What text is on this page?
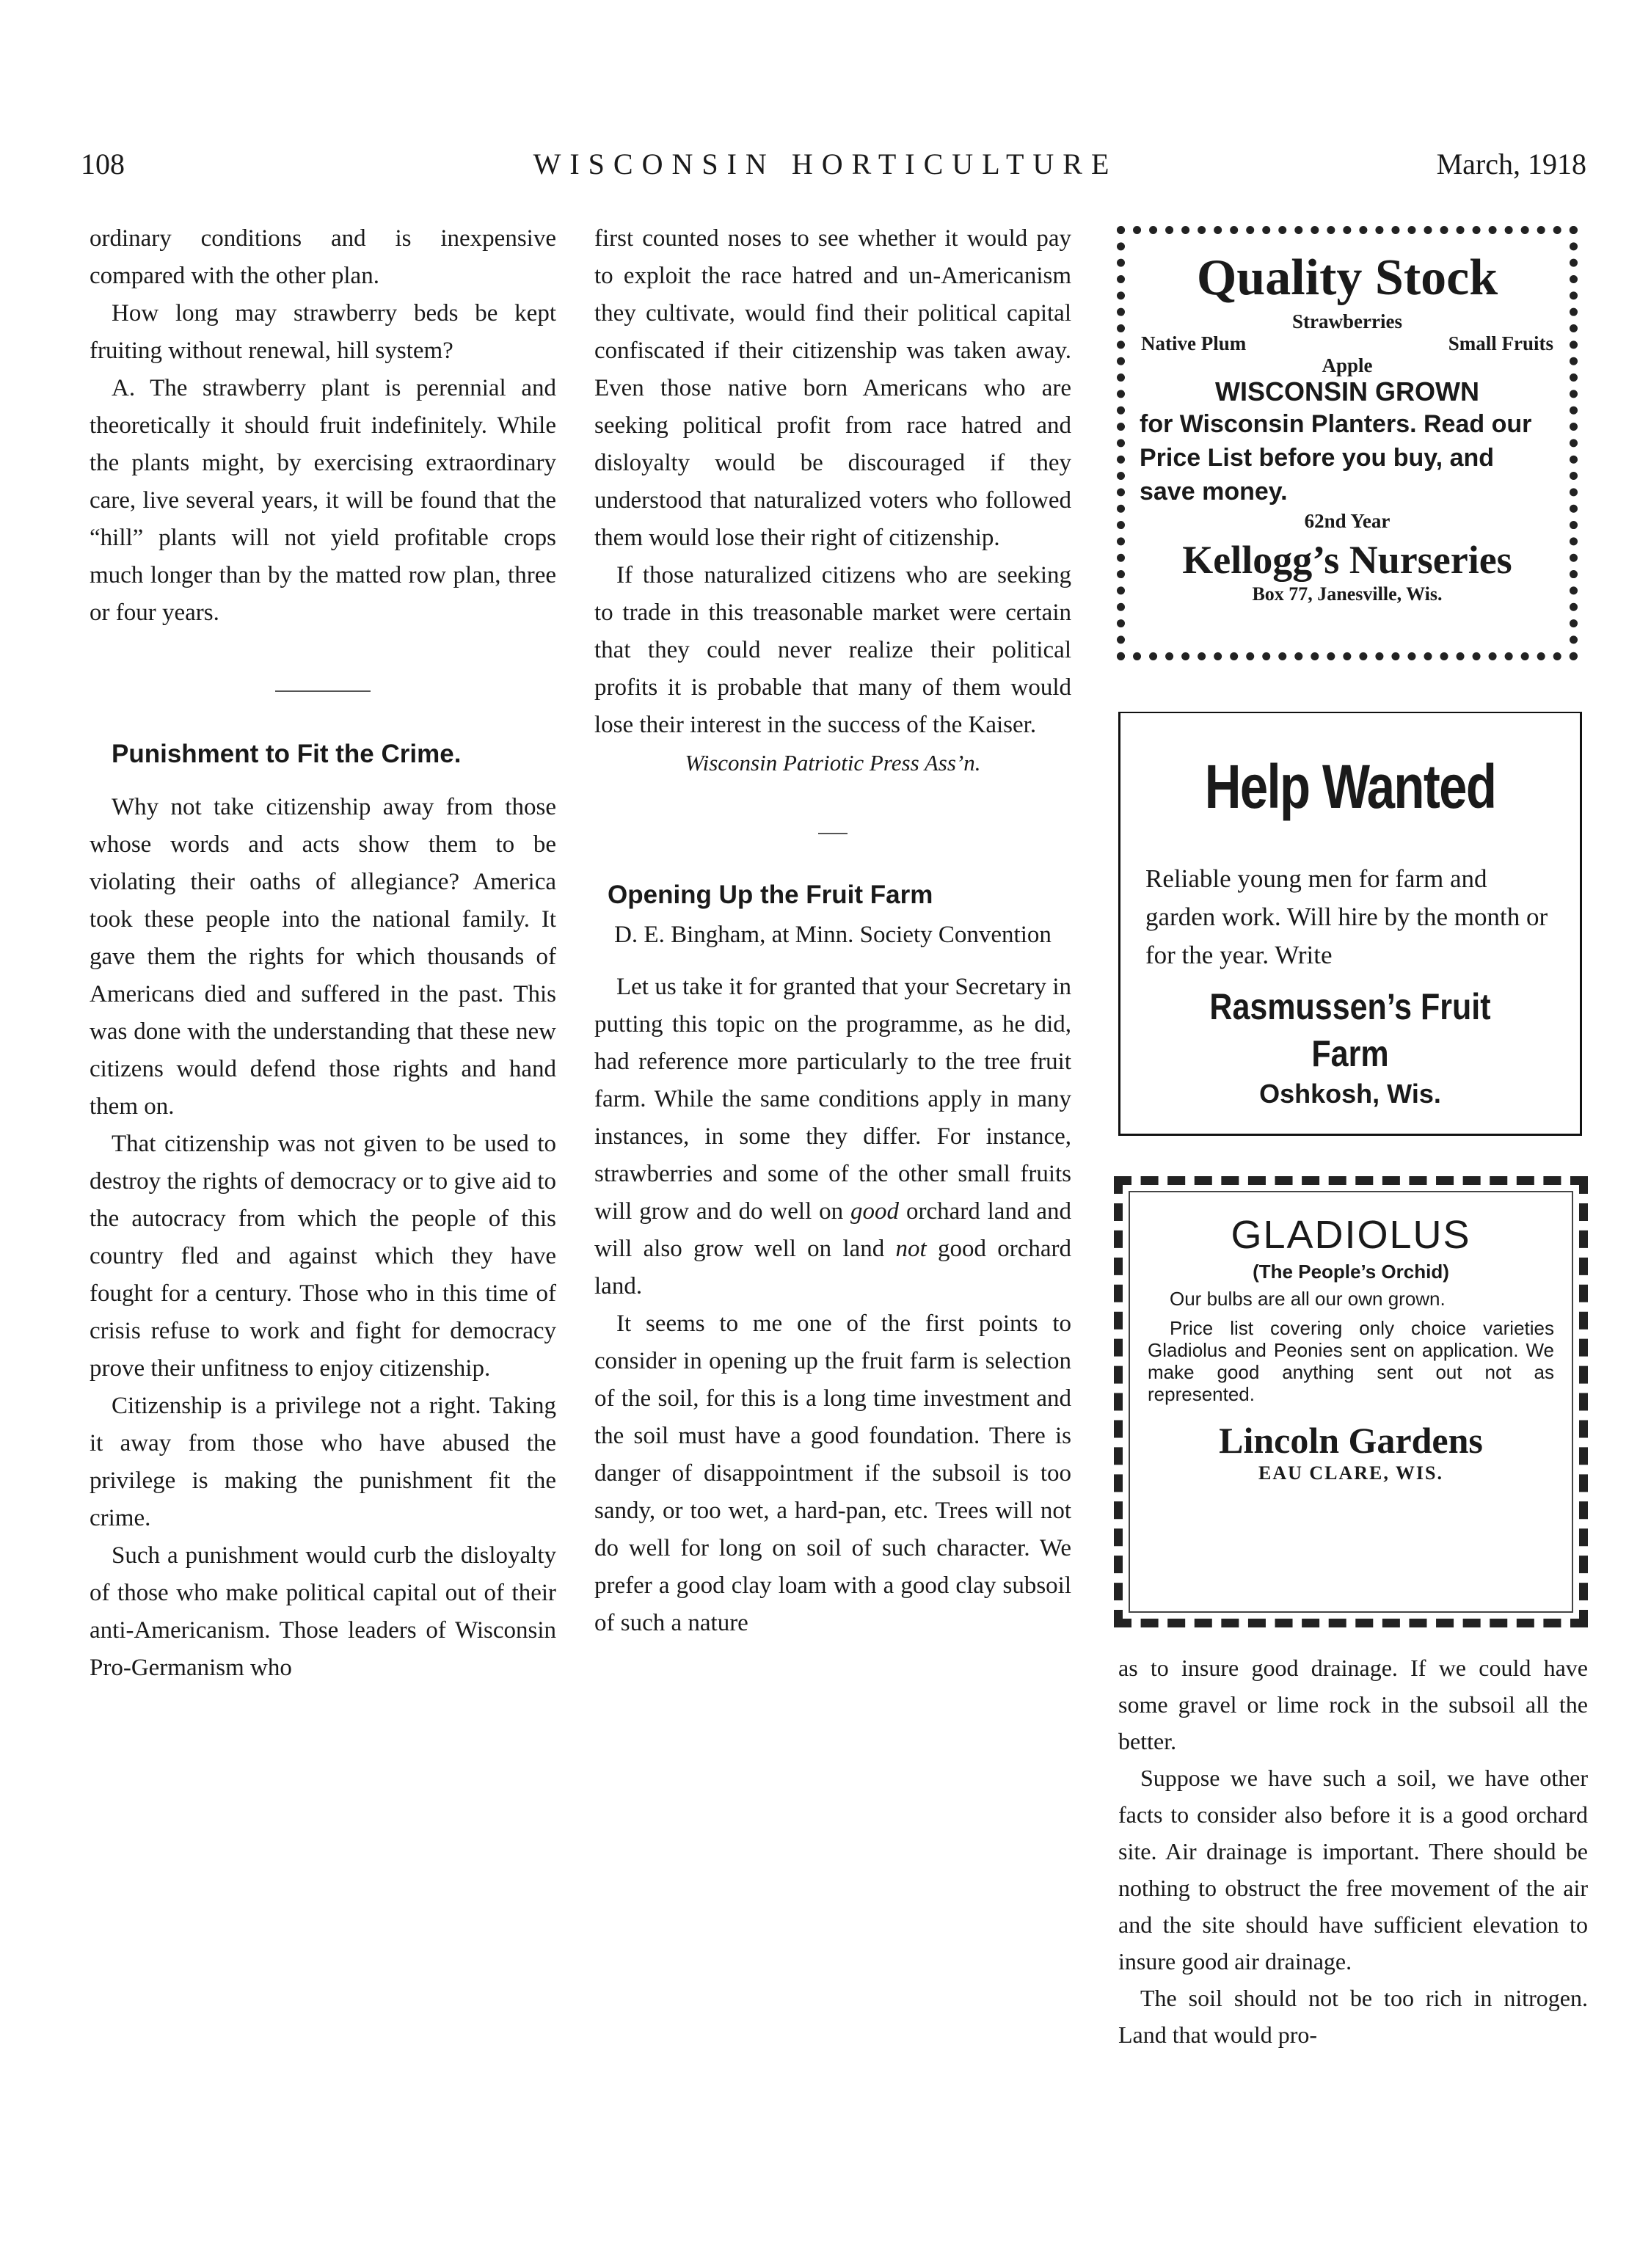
108	WISCONSIN HORTICULTURE	March, 1918

ordinary conditions and is inexpensive compared with the other plan.

How long may strawberry beds be kept fruiting without renewal, hill system?

A. The strawberry plant is perennial and theoretically it should fruit indefinitely. While the plants might, by exercising extraordinary care, live several years, it will be found that the “hill” plants will not yield profitable crops much longer than by the matted row plan, three or four years.

Punishment to Fit the Crime.

Why not take citizenship away from those whose words and acts show them to be violating their oaths of allegiance? America took these people into the national family. It gave them the rights for which thousands of Americans died and suffered in the past. This was done with the understanding that these new citizens would defend those rights and hand them on.

That citizenship was not given to be used to destroy the rights of democracy or to give aid to the autocracy from which the people of this country fled and against which they have fought for a century. Those who in this time of crisis refuse to work and fight for democracy prove their unfitness to enjoy citizenship.

Citizenship is a privilege not a right. Taking it away from those who have abused the privilege is making the punishment fit the crime.

Such a punishment would curb the disloyalty of those who make political capital out of their anti-Americanism. Those leaders of Wisconsin Pro-Germanism who

first counted noses to see whether it would pay to exploit the race hatred and un-Americanism they cultivate, would find their political capital confiscated if their citizenship was taken away. Even those native born Americans who are seeking political profit from race hatred and disloyalty would be discouraged if they understood that naturalized voters who followed them would lose their right of citizenship.

If those naturalized citizens who are seeking to trade in this treasonable market were certain that they could never realize their political profits it is probable that many of them would lose their interest in the success of the Kaiser.

Wisconsin Patriotic Press Ass’n.
Opening Up the Fruit Farm
D. E. Bingham, at Minn. Society Convention

Let us take it for granted that your Secretary in putting this topic on the programme, as he did, had reference more particularly to the tree fruit farm. While the same conditions apply in many instances, in some they differ. For instance, strawberries and some of the other small fruits will grow and do well on good orchard land and will also grow well on land not good orchard land.

It seems to me one of the first points to consider in opening up the fruit farm is selection of the soil, for this is a long time investment and the soil must have a good foundation. There is danger of disappointment if the subsoil is too sandy, or too wet, a hard-pan, etc. Trees will not do well for long on soil of such character. We prefer a good clay loam with a good clay subsoil of such a nature

Quality Stock
Strawberries
Native Plum	Small Fruits
Apple
WISCONSIN GROWN
for Wisconsin Planters. Read our Price List before you buy, and save money.
62nd Year
Kellogg’s Nurseries
Box 77, Janesville, Wis.
Help Wanted
Reliable young men for farm and garden work. Will hire by the month or for the year. Write
Rasmussen’s Fruit Farm
Oshkosh, Wis.
GLADIOLUS
(The People’s Orchid)
Our bulbs are all our own grown.
Price list covering only choice varieties Gladiolus and Peonies sent on application. We make good anything sent out not as represented.
Lincoln Gardens
EAU CLARE, WIS.

as to insure good drainage. If we could have some gravel or lime rock in the subsoil all the better.

Suppose we have such a soil, we have other facts to consider also before it is a good orchard site. Air drainage is important. There should be nothing to obstruct the free movement of the air and the site should have sufficient elevation to insure good air drainage.

The soil should not be too rich in nitrogen. Land that would pro-
